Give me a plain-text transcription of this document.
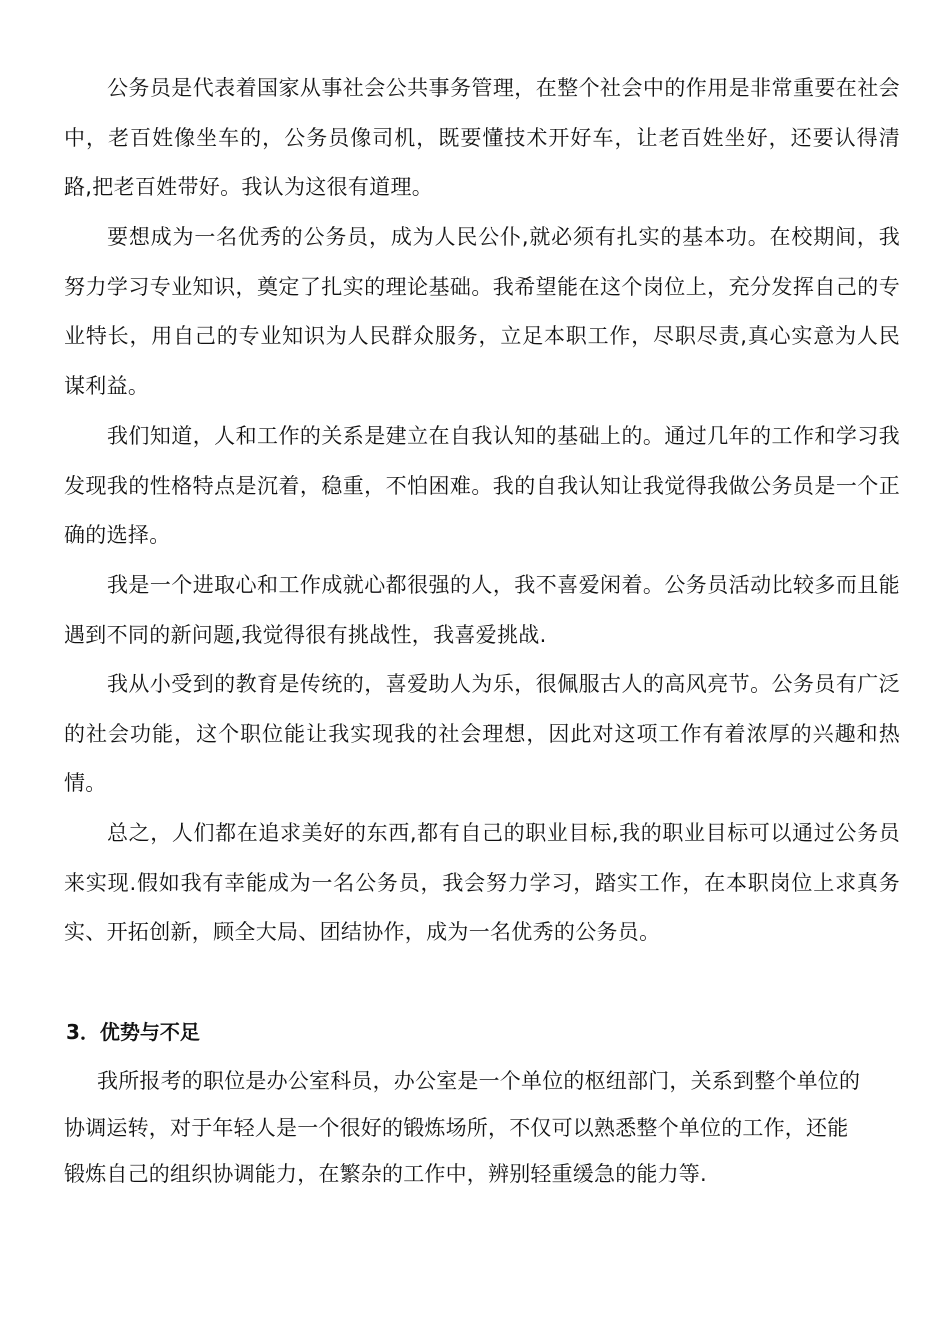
公务员是代表着国家从事社会公共事务管理，在整个社会中的作用是非常重要在社会中，老百姓像坐车的，公务员像司机，既要懂技术开好车，让老百姓坐好，还要认得清路,把老百姓带好。我认为这很有道理。

要想成为一名优秀的公务员，成为人民公仆,就必须有扎实的基本功。在校期间，我努力学习专业知识，奠定了扎实的理论基础。我希望能在这个岗位上，充分发挥自己的专业特长，用自己的专业知识为人民群众服务，立足本职工作，尽职尽责,真心实意为人民谋利益。

我们知道，人和工作的关系是建立在自我认知的基础上的。通过几年的工作和学习我发现我的性格特点是沉着，稳重，不怕困难。我的自我认知让我觉得我做公务员是一个正确的选择。

我是一个进取心和工作成就心都很强的人，我不喜爱闲着。公务员活动比较多而且能遇到不同的新问题,我觉得很有挑战性，我喜爱挑战.

我从小受到的教育是传统的，喜爱助人为乐，很佩服古人的高风亮节。公务员有广泛的社会功能，这个职位能让我实现我的社会理想，因此对这项工作有着浓厚的兴趣和热情。

总之，人们都在追求美好的东西,都有自己的职业目标,我的职业目标可以通过公务员来实现.假如我有幸能成为一名公务员，我会努力学习，踏实工作，在本职岗位上求真务实、开拓创新，顾全大局、团结协作，成为一名优秀的公务员。

3．优势与不足

我所报考的职位是办公室科员，办公室是一个单位的枢纽部门，关系到整个单位的协调运转，对于年轻人是一个很好的锻炼场所，不仅可以熟悉整个单位的工作，还能锻炼自己的组织协调能力，在繁杂的工作中，辨别轻重缓急的能力等.
